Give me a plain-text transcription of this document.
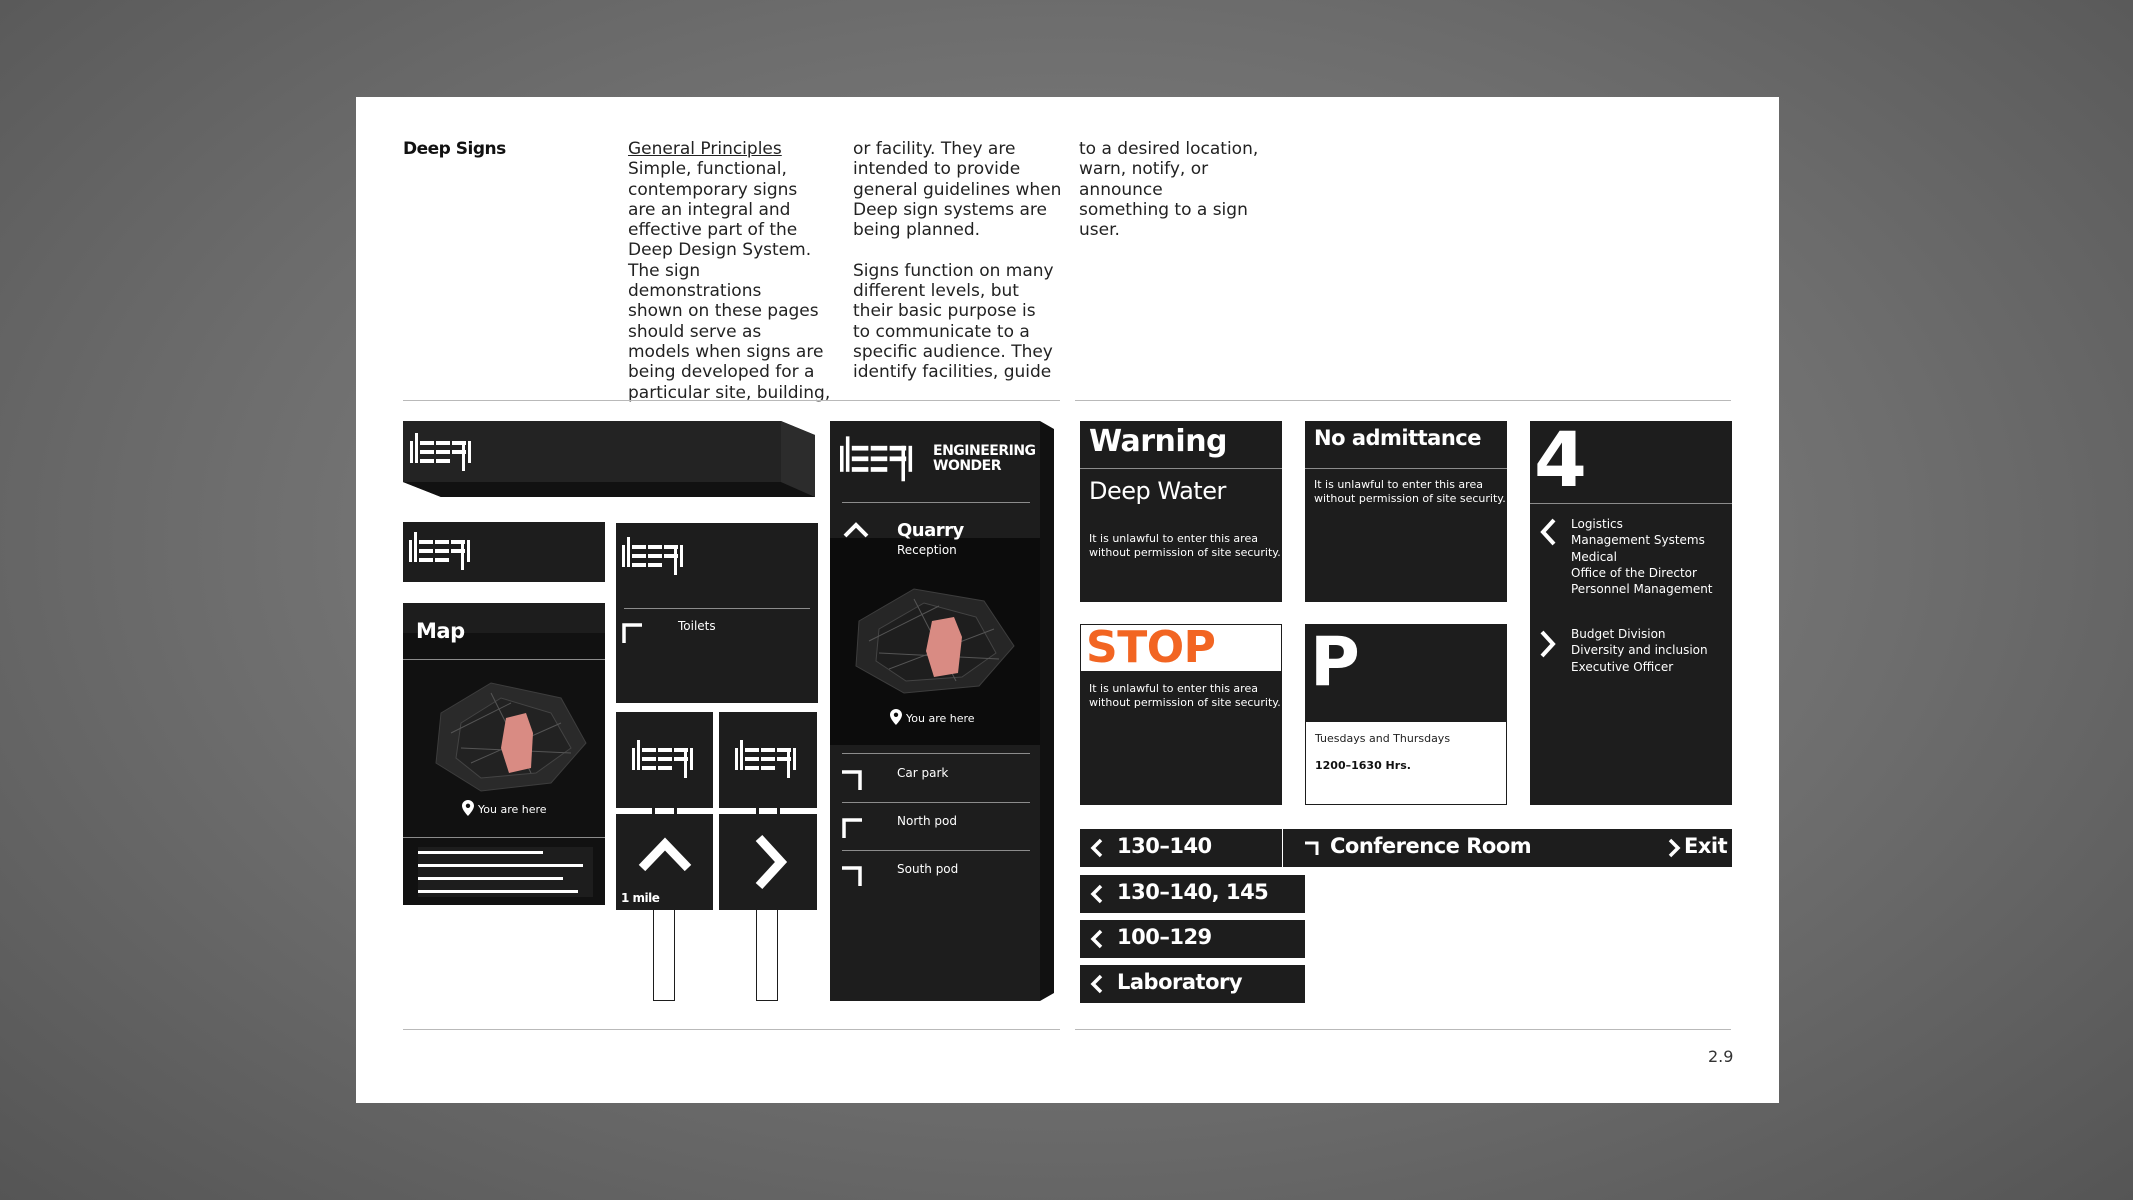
Deep Signs	General Principles
Simple, functional,
contemporary signs
are an integral and
effective part of the
Deep Design System.
The sign demonstrations
shown on these pages
should serve as
models when signs are
being developed for a
particular site, building,
or facility. They are
intended to provide
general guidelines when
Deep sign systems are
being planned.

Signs function on many
different levels, but
their basic purpose is
to communicate to a
specific audience. They
identify facilities, guide
to a desired location,
warn, notify, or announce
something to a sign user.
Map
You are here
Toilets
1 mile
ENGINEERING
WONDER
Quarry
Reception
You are here
Car park
North pod
South pod
Warning
Deep Water
It is unlawful to enter this area
without permission of site security.
No admittance
It is unlawful to enter this area
without permission of site security.
STOP
It is unlawful to enter this area
without permission of site security.
P
Tuesdays and Thursdays
1200–1630 Hrs.
4
Logistics
Management Systems
Medical
Office of the Director
Personnel Management
Budget Division
Diversity and inclusion
Executive Officer
130–140	Conference Room	Exit
130–140, 145
100–129
Laboratory
2.9
